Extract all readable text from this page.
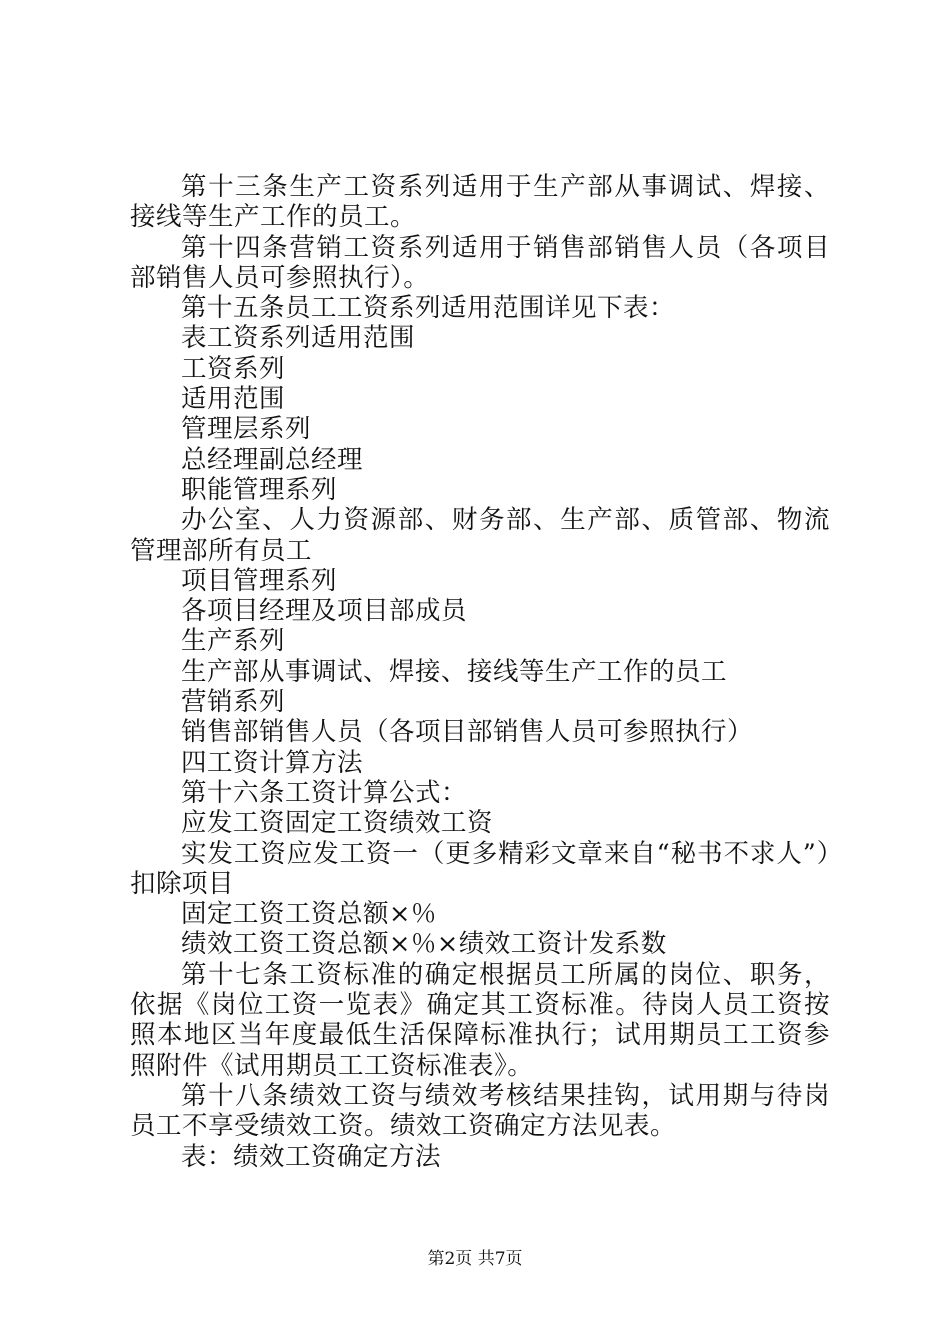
第十三条生产工资系列适用于生产部从事调试、焊接、接线等生产工作的员工。

第十四条营销工资系列适用于销售部销售人员（各项目部销售人员可参照执行）。

第十五条员工工资系列适用范围详见下表：

表工资系列适用范围

工资系列

适用范围

管理层系列

总经理副总经理

职能管理系列

办公室、人力资源部、财务部、生产部、质管部、物流管理部所有员工

项目管理系列

各项目经理及项目部成员

生产系列

生产部从事调试、焊接、接线等生产工作的员工

营销系列

销售部销售人员（各项目部销售人员可参照执行）

四工资计算方法

第十六条工资计算公式：

应发工资固定工资绩效工资

实发工资应发工资一（更多精彩文章来自“秘书不求人”）扣除项目

固定工资工资总额×％

绩效工资工资总额×％×绩效工资计发系数

第十七条工资标准的确定根据员工所属的岗位、职务，依据《岗位工资一览表》确定其工资标准。待岗人员工资按照本地区当年度最低生活保障标准执行；试用期员工工资参照附件《试用期员工工资标准表》。

第十八条绩效工资与绩效考核结果挂钩，试用期与待岗员工不享受绩效工资。绩效工资确定方法见表。

表：绩效工资确定方法

第2页 共7页
